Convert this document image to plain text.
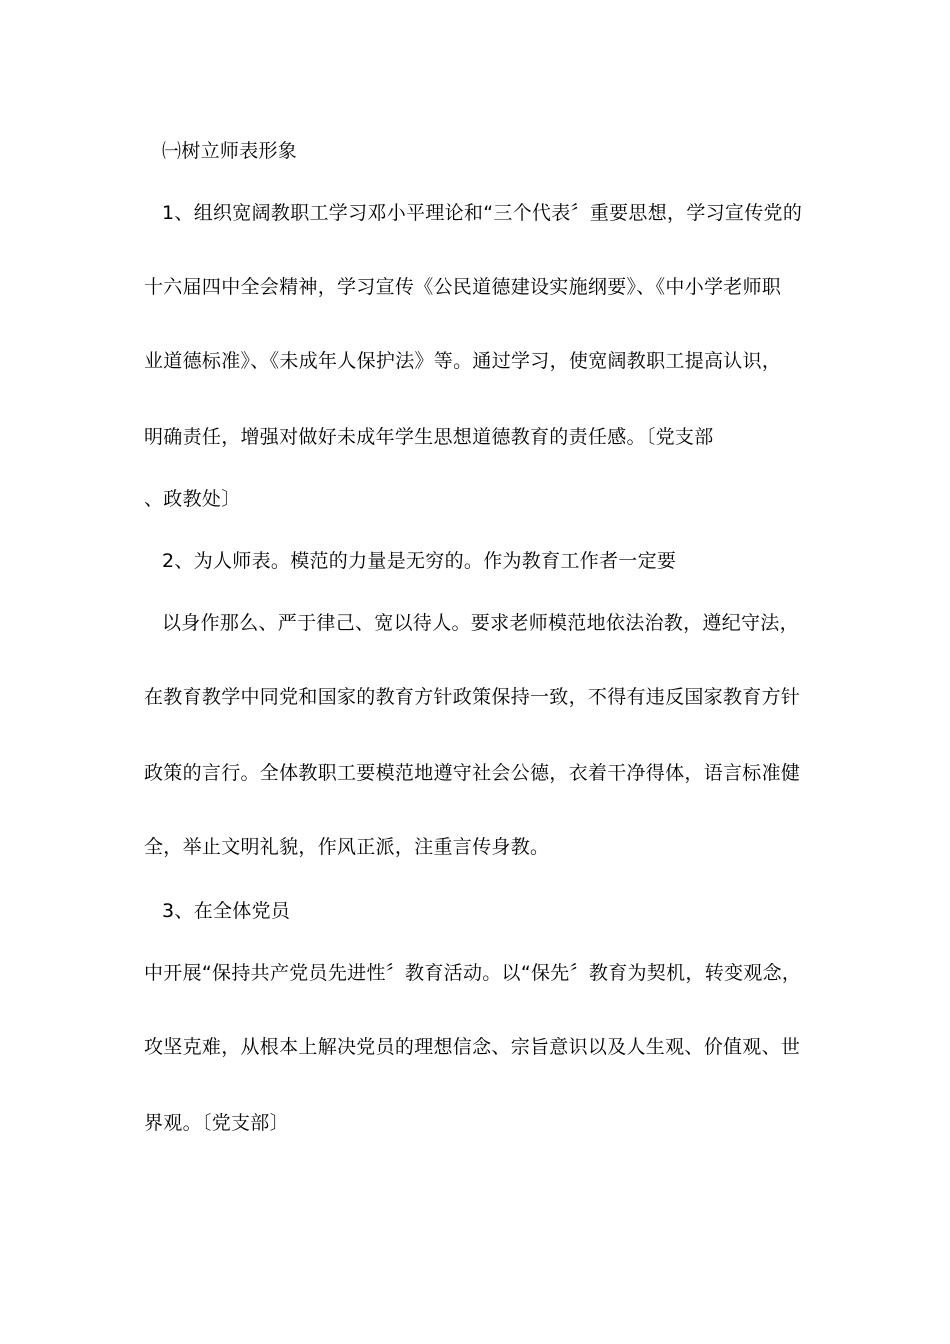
㈠树立师表形象
1、组织宽阔教职工学习邓小平理论和“三个代表〞重要思想，学习宣传党的
十六届四中全会精神，学习宣传《公民道德建设实施纲要》、《中小学老师职
业道德标准》、《未成年人保护法》等。通过学习，使宽阔教职工提高认识，
明确责任，增强对做好未成年学生思想道德教育的责任感。〔党支部
、政教处〕
2、为人师表。模范的力量是无穷的。作为教育工作者一定要
以身作那么、严于律己、宽以待人。要求老师模范地依法治教，遵纪守法，
在教育教学中同党和国家的教育方针政策保持一致，不得有违反国家教育方针
政策的言行。全体教职工要模范地遵守社会公德，衣着干净得体，语言标准健
全，举止文明礼貌，作风正派，注重言传身教。
3、在全体党员
中开展“保持共产党员先进性〞教育活动。以“保先〞教育为契机，转变观念，
攻坚克难，从根本上解决党员的理想信念、宗旨意识以及人生观、价值观、世
界观。〔党支部〕
